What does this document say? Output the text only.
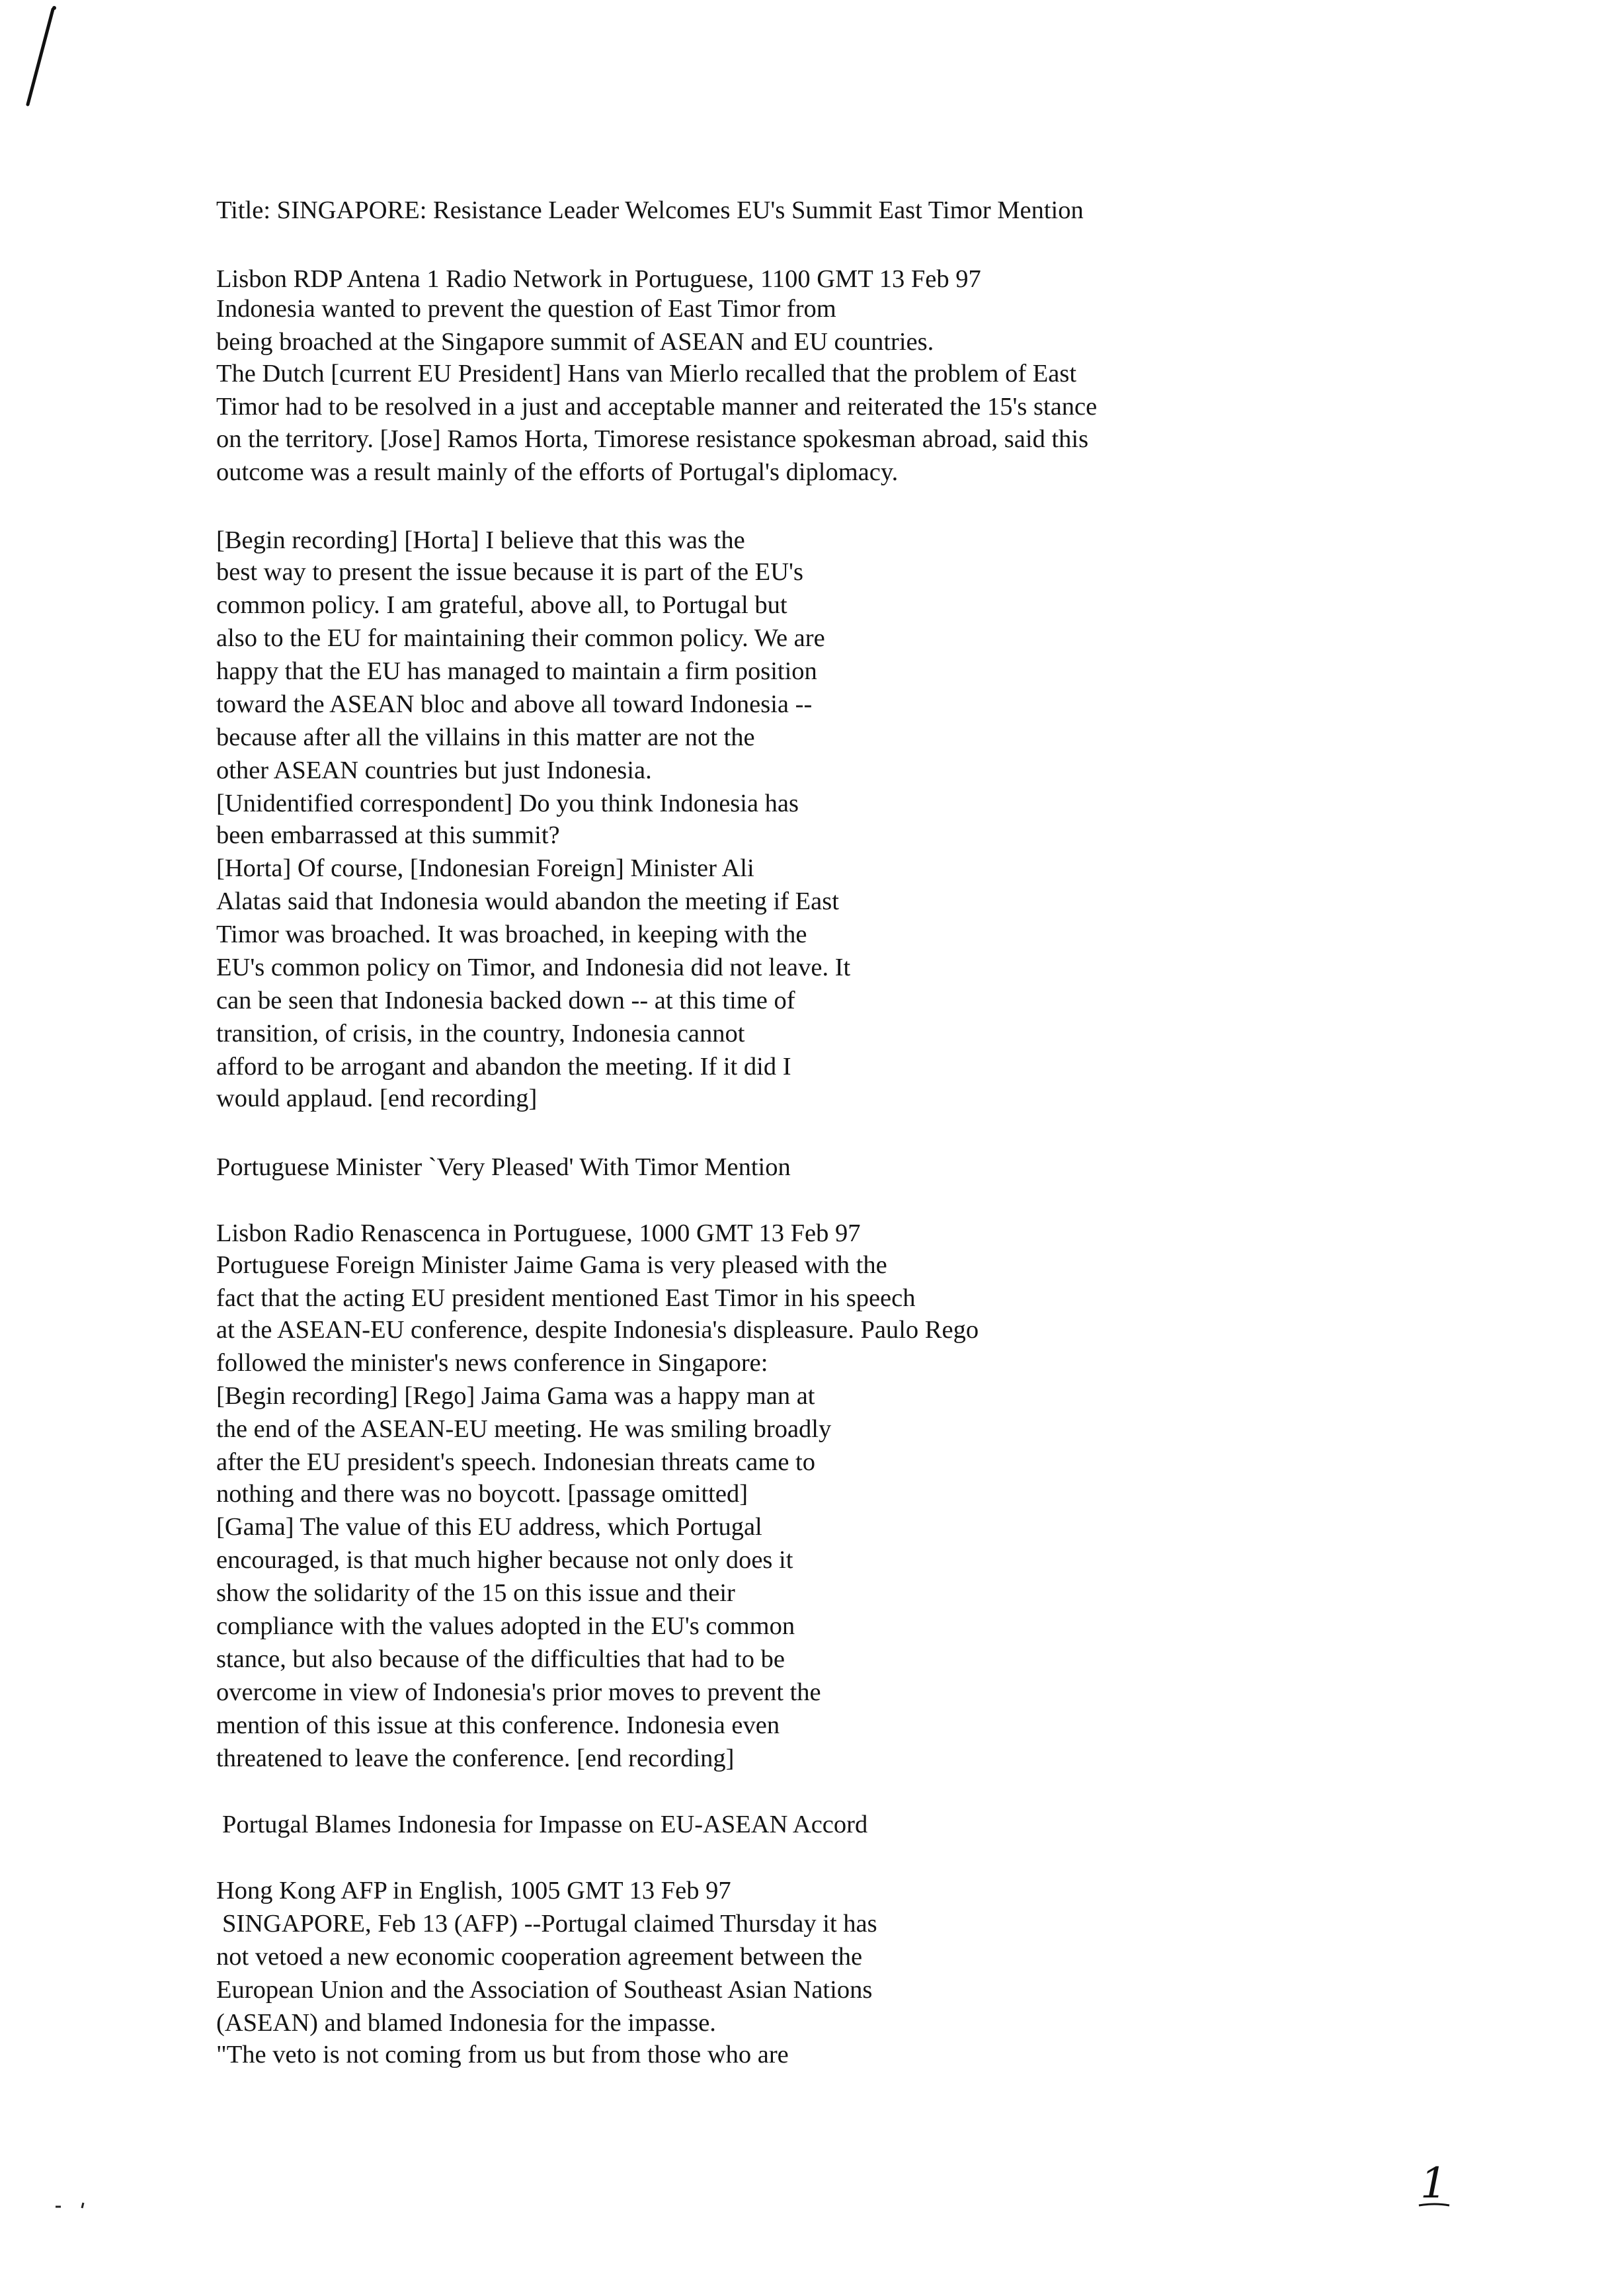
Title: SINGAPORE: Resistance Leader Welcomes EU's Summit East Timor Mention
Lisbon RDP Antena 1 Radio Network in Portuguese, 1100 GMT 13 Feb 97
Indonesia wanted to prevent the question of East Timor from
being broached at the Singapore summit of ASEAN and EU countries.
The Dutch [current EU President] Hans van Mierlo recalled that the problem of East
Timor had to be resolved in a just and acceptable manner and reiterated the 15's stance
on the territory. [Jose] Ramos Horta, Timorese resistance spokesman abroad, said this
outcome was a result mainly of the efforts of Portugal's diplomacy.
[Begin recording] [Horta] I believe that this was the
best way to present the issue because it is part of the EU's
common policy. I am grateful, above all, to Portugal but
also to the EU for maintaining their common policy. We are
happy that the EU has managed to maintain a firm position
toward the ASEAN bloc and above all toward Indonesia --
because after all the villains in this matter are not the
other ASEAN countries but just Indonesia.
[Unidentified correspondent] Do you think Indonesia has
been embarrassed at this summit?
[Horta] Of course, [Indonesian Foreign] Minister Ali
Alatas said that Indonesia would abandon the meeting if East
Timor was broached. It was broached, in keeping with the
EU's common policy on Timor, and Indonesia did not leave. It
can be seen that Indonesia backed down -- at this time of
transition, of crisis, in the country, Indonesia cannot
afford to be arrogant and abandon the meeting. If it did I
would applaud. [end recording]
Portuguese Minister `Very Pleased' With Timor Mention
Lisbon Radio Renascenca in Portuguese, 1000 GMT 13 Feb 97
Portuguese Foreign Minister Jaime Gama is very pleased with the
fact that the acting EU president mentioned East Timor in his speech
at the ASEAN-EU conference, despite Indonesia's displeasure. Paulo Rego
followed the minister's news conference in Singapore:
[Begin recording] [Rego] Jaima Gama was a happy man at
the end of the ASEAN-EU meeting. He was smiling broadly
after the EU president's speech. Indonesian threats came to
nothing and there was no boycott. [passage omitted]
[Gama] The value of this EU address, which Portugal
encouraged, is that much higher because not only does it
show the solidarity of the 15 on this issue and their
compliance with the values adopted in the EU's common
stance, but also because of the difficulties that had to be
overcome in view of Indonesia's prior moves to prevent the
mention of this issue at this conference. Indonesia even
threatened to leave the conference. [end recording]
Portugal Blames Indonesia for Impasse on EU-ASEAN Accord
Hong Kong AFP in English, 1005 GMT 13 Feb 97
SINGAPORE, Feb 13 (AFP) --Portugal claimed Thursday it has
not vetoed a new economic cooperation agreement between the
European Union and the Association of Southeast Asian Nations
(ASEAN) and blamed Indonesia for the impasse.
"The veto is not coming from us but from those who are
1
